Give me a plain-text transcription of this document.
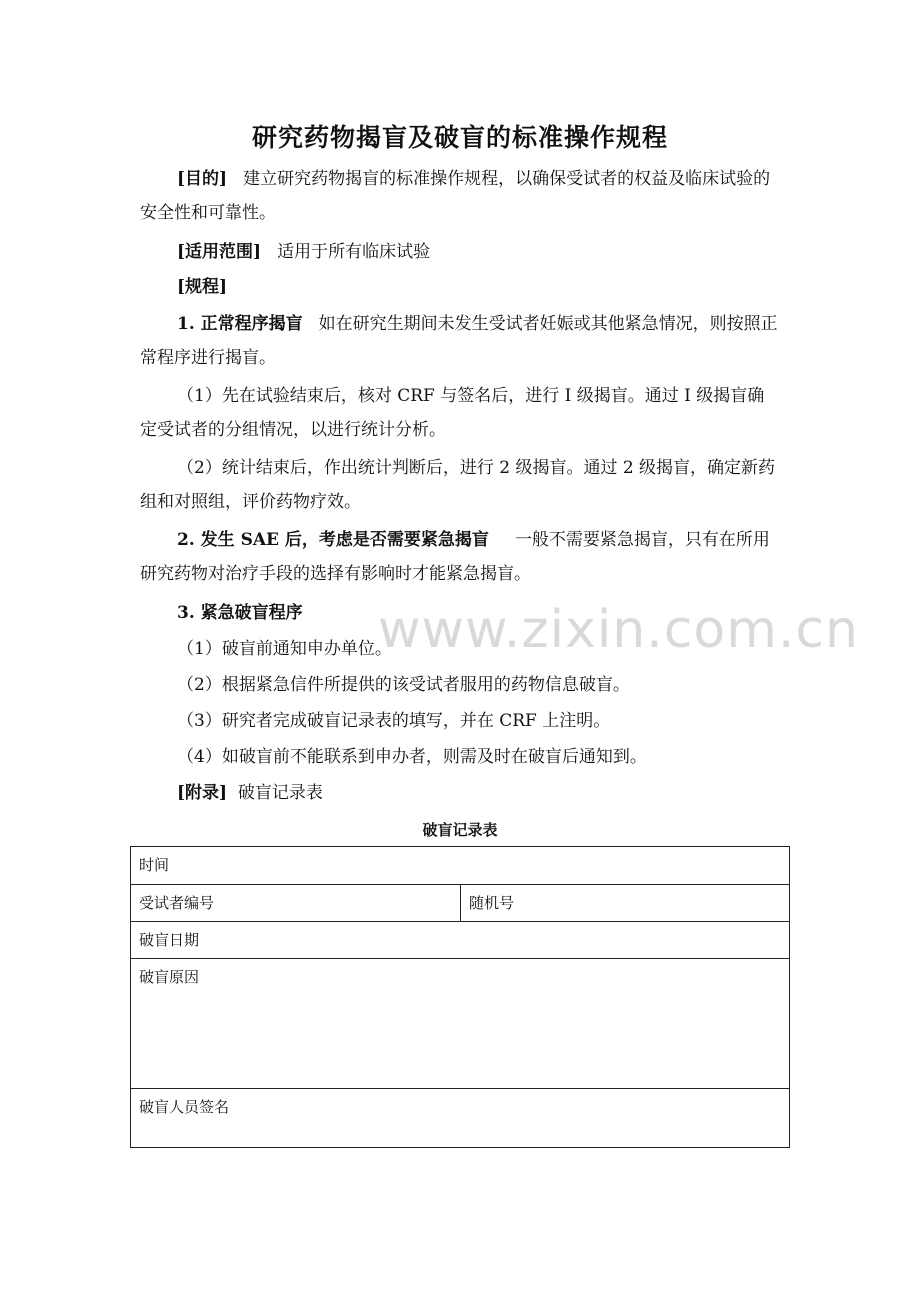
研究药物揭盲及破盲的标准操作规程
[目的] 建立研究药物揭盲的标准操作规程，以确保受试者的权益及临床试验的安全性和可靠性。
[适用范围] 适用于所有临床试验
[规程]
1. 正常程序揭盲 如在研究生期间未发生受试者妊娠或其他紧急情况，则按照正常程序进行揭盲。
（1）先在试验结束后，核对 CRF 与签名后，进行 I 级揭盲。通过 I 级揭盲确定受试者的分组情况，以进行统计分析。
（2）统计结束后，作出统计判断后，进行 2 级揭盲。通过 2 级揭盲，确定新药组和对照组，评价药物疗效。
2. 发生 SAE 后，考虑是否需要紧急揭盲 一般不需要紧急揭盲，只有在所用研究药物对治疗手段的选择有影响时才能紧急揭盲。
www.zixin.com.cn
3. 紧急破盲程序
（1）破盲前通知申办单位。
（2）根据紧急信件所提供的该受试者服用的药物信息破盲。
（3）研究者完成破盲记录表的填写，并在 CRF 上注明。
（4）如破盲前不能联系到申办者，则需及时在破盲后通知到。
[附录] 破盲记录表
破盲记录表
时间

受试者编号	随机号

破盲日期

破盲原因

破盲人员签名
